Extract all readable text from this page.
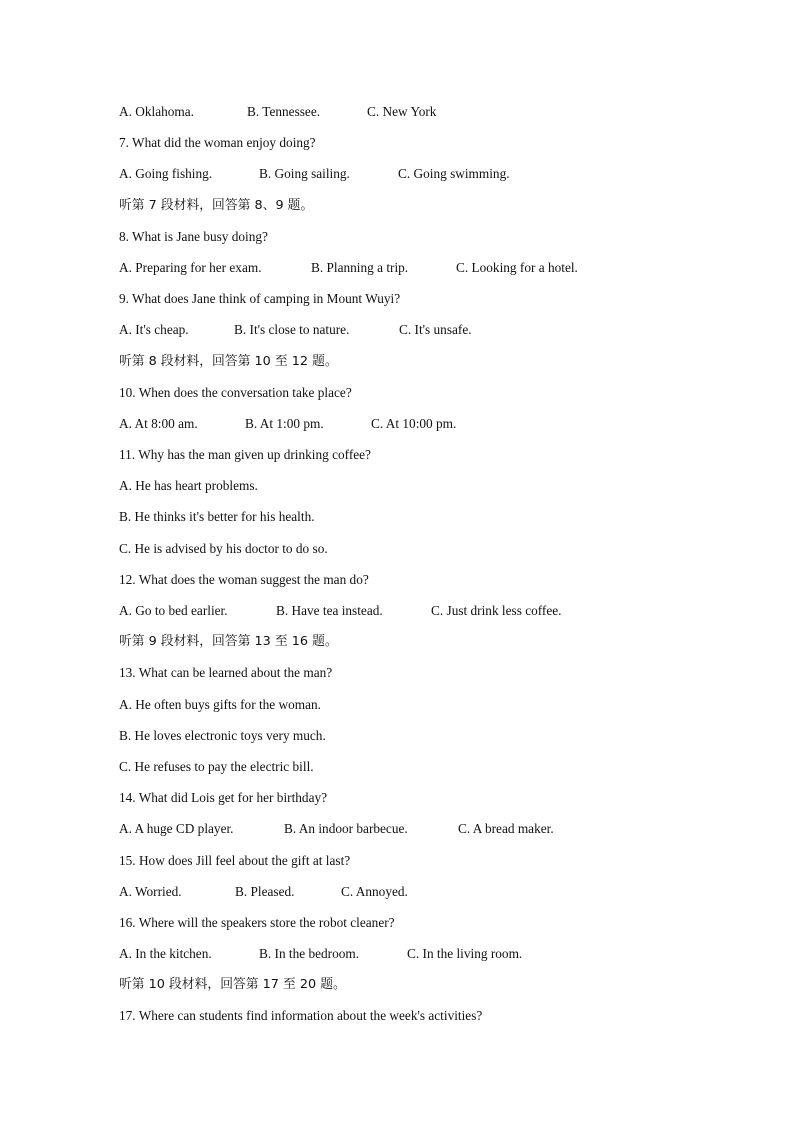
A. Oklahoma.	B. Tennessee.	C. New York
7. What did the woman enjoy doing?
A. Going fishing.	B. Going sailing.	C. Going swimming.
听第 7 段材料，回答第 8、9 题。
8. What is Jane busy doing?
A. Preparing for her exam.	B. Planning a trip.	C. Looking for a hotel.
9. What does Jane think of camping in Mount Wuyi?
A. It's cheap.	B. It's close to nature.	C. It's unsafe.
听第 8 段材料，回答第 10 至 12 题。
10. When does the conversation take place?
A. At 8:00 am.	B. At 1:00 pm.	C. At 10:00 pm.
11. Why has the man given up drinking coffee?
A. He has heart problems.
B. He thinks it's better for his health.
C. He is advised by his doctor to do so.
12. What does the woman suggest the man do?
A. Go to bed earlier.	B. Have tea instead.	C. Just drink less coffee.
听第 9 段材料，回答第 13 至 16 题。
13. What can be learned about the man?
A. He often buys gifts for the woman.
B. He loves electronic toys very much.
C. He refuses to pay the electric bill.
14. What did Lois get for her birthday?
A. A huge CD player.	B. An indoor barbecue.	C. A bread maker.
15. How does Jill feel about the gift at last?
A. Worried.	B. Pleased.	C. Annoyed.
16. Where will the speakers store the robot cleaner?
A. In the kitchen.	B. In the bedroom.	C. In the living room.
听第 10 段材料，回答第 17 至 20 题。
17. Where can students find information about the week's activities?
